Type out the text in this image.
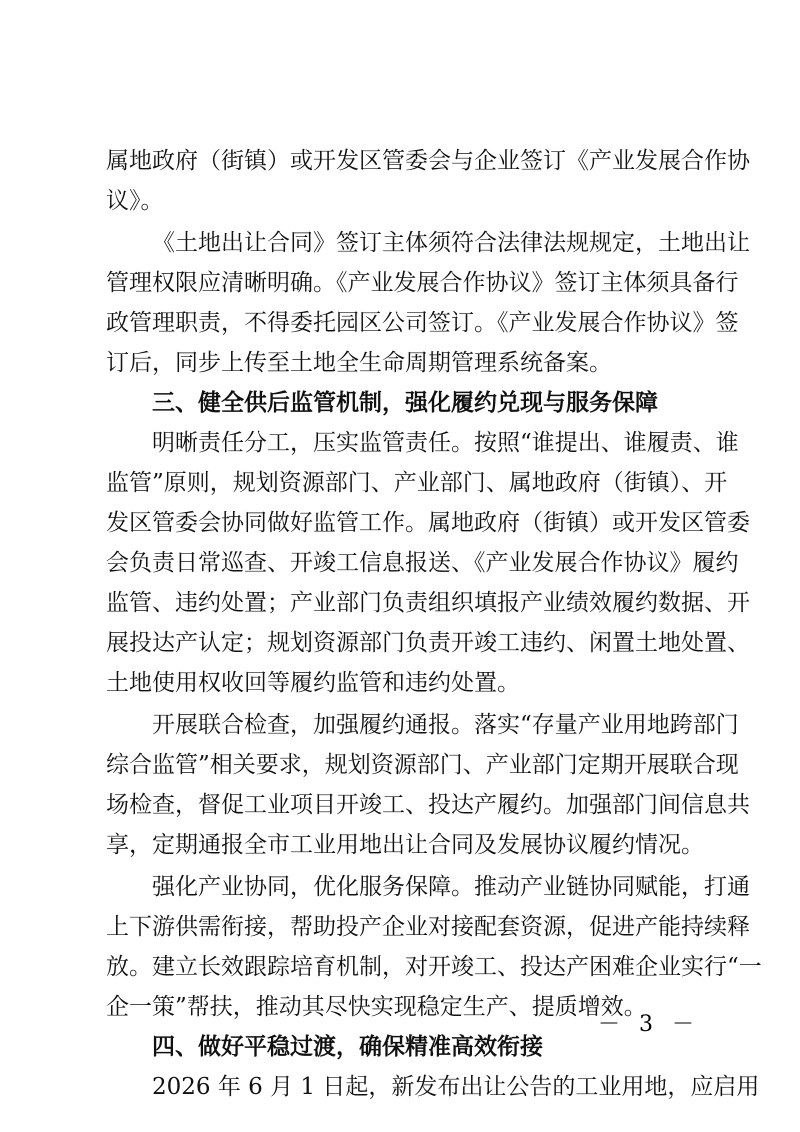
属地政府（街镇）或开发区管委会与企业签订《产业发展合作协
议》。
《土地出让合同》签订主体须符合法律法规规定，土地出让
管理权限应清晰明确。《产业发展合作协议》签订主体须具备行
政管理职责，不得委托园区公司签订。《产业发展合作协议》签
订后，同步上传至土地全生命周期管理系统备案。
三、健全供后监管机制，强化履约兑现与服务保障
明晰责任分工，压实监管责任。按照“谁提出、谁履责、谁
监管”原则，规划资源部门、产业部门、属地政府（街镇）、开
发区管委会协同做好监管工作。属地政府（街镇）或开发区管委
会负责日常巡查、开竣工信息报送、《产业发展合作协议》履约
监管、违约处置；产业部门负责组织填报产业绩效履约数据、开
展投达产认定；规划资源部门负责开竣工违约、闲置土地处置、
土地使用权收回等履约监管和违约处置。
开展联合检查，加强履约通报。落实“存量产业用地跨部门
综合监管”相关要求，规划资源部门、产业部门定期开展联合现
场检查，督促工业项目开竣工、投达产履约。加强部门间信息共
享，定期通报全市工业用地出让合同及发展协议履约情况。
强化产业协同，优化服务保障。推动产业链协同赋能，打通
上下游供需衔接，帮助投产企业对接配套资源，促进产能持续释
放。建立长效跟踪培育机制，对开竣工、投达产困难企业实行“一
企一策”帮扶，推动其尽快实现稳定生产、提质增效。
四、做好平稳过渡，确保精准高效衔接
2026 年 6 月 1 日起，新发布出让公告的工业用地，应启用
－ 3 －
